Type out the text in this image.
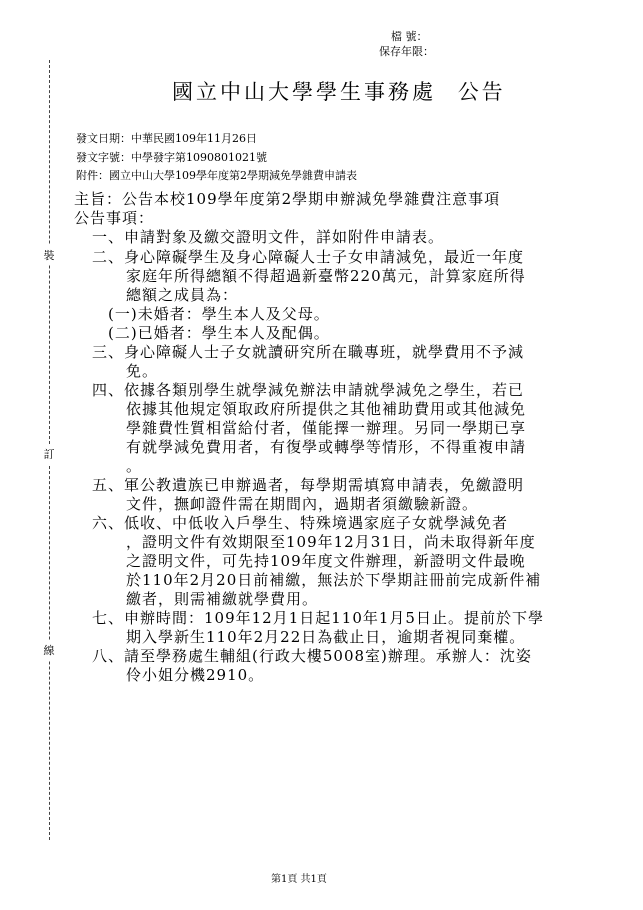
檔 號：
保存年限：
國立中山大學學生事務處 公告
裝
訂
線
發文日期：中華民國109年11月26日
發文字號：中學發字第1090801021號
附件：國立中山大學109學年度第2學期減免學雜費申請表
主旨：公告本校109學年度第2學期申辦減免學雜費注意事項
公告事項：
一、申請對象及繳交證明文件，詳如附件申請表。
二、身心障礙學生及身心障礙人士子女申請減免，最近一年度
家庭年所得總額不得超過新臺幣220萬元，計算家庭所得
總額之成員為：
(一)未婚者：學生本人及父母。
(二)已婚者：學生本人及配偶。
三、身心障礙人士子女就讀研究所在職專班，就學費用不予減
免。
四、依據各類別學生就學減免辦法申請就學減免之學生，若已
依據其他規定領取政府所提供之其他補助費用或其他減免
學雜費性質相當給付者，僅能擇一辦理。另同一學期已享
有就學減免費用者，有復學或轉學等情形，不得重複申請
。
五、軍公教遺族已申辦過者，每學期需填寫申請表，免繳證明
文件，撫卹證件需在期間內，過期者須繳驗新證。
六、低收、中低收入戶學生、特殊境遇家庭子女就學減免者
，證明文件有效期限至109年12月31日，尚未取得新年度
之證明文件，可先持109年度文件辦理，新證明文件最晚
於110年2月20日前補繳，無法於下學期註冊前完成新件補
繳者，則需補繳就學費用。
七、申辦時間：109年12月1日起110年1月5日止。提前於下學
期入學新生110年2月22日為截止日，逾期者視同棄權。
八、請至學務處生輔組(行政大樓5008室)辦理。承辦人：沈姿
伶小姐分機2910。
第1頁 共1頁
